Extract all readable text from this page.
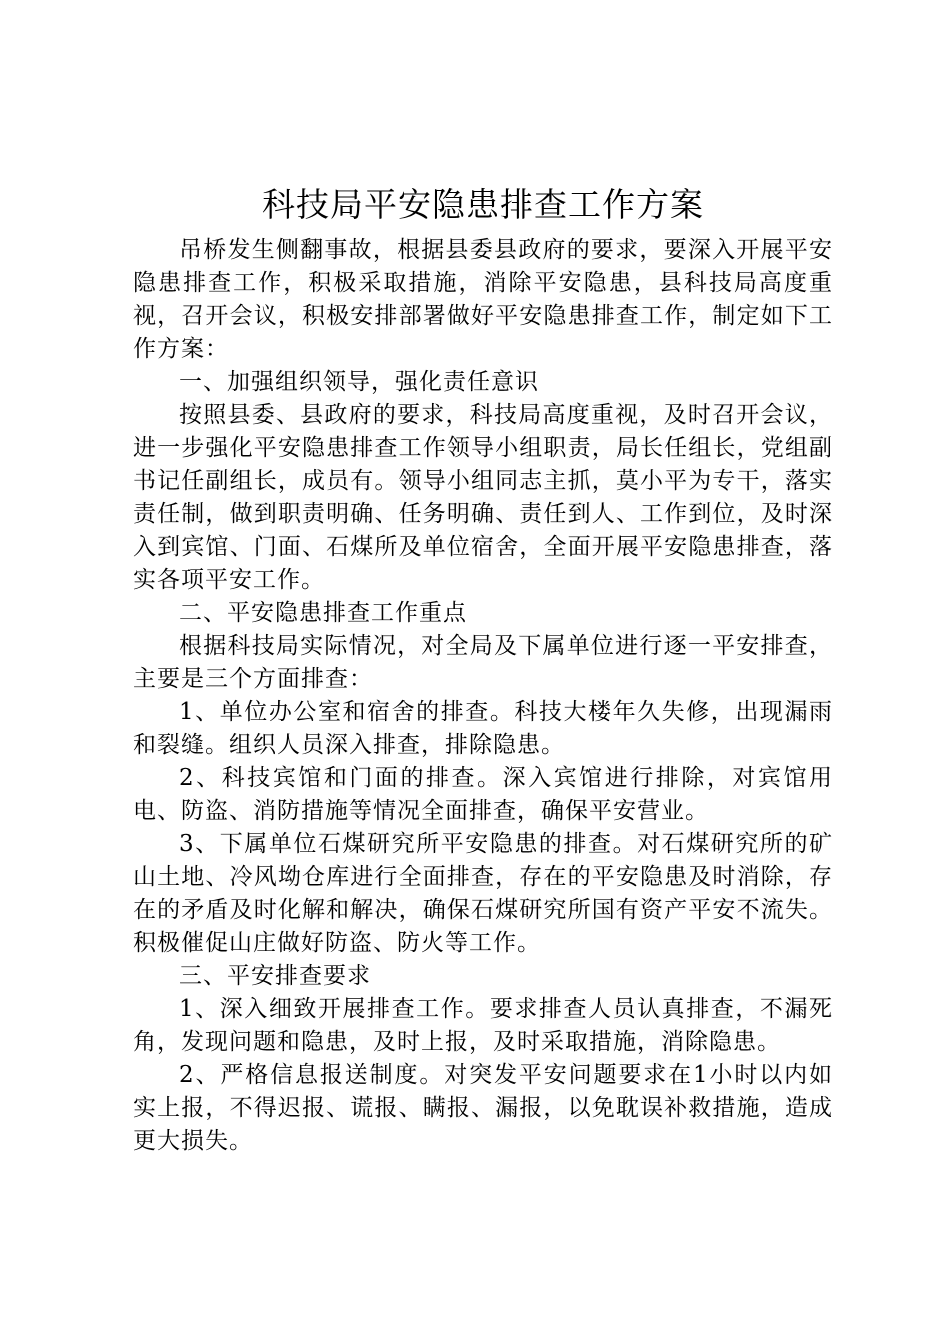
科技局平安隐患排查工作方案

吊桥发生侧翻事故，根据县委县政府的要求，要深入开展平安隐患排查工作，积极采取措施，消除平安隐患，县科技局高度重视，召开会议，积极安排部署做好平安隐患排查工作，制定如下工作方案：

一、加强组织领导，强化责任意识

按照县委、县政府的要求，科技局高度重视，及时召开会议，进一步强化平安隐患排查工作领导小组职责，局长任组长，党组副书记任副组长，成员有。领导小组同志主抓，莫小平为专干，落实责任制，做到职责明确、任务明确、责任到人、工作到位，及时深入到宾馆、门面、石煤所及单位宿舍，全面开展平安隐患排查，落实各项平安工作。

二、平安隐患排查工作重点

根据科技局实际情况，对全局及下属单位进行逐一平安排查，主要是三个方面排查：

1、单位办公室和宿舍的排查。科技大楼年久失修，出现漏雨和裂缝。组织人员深入排查，排除隐患。

2、科技宾馆和门面的排查。深入宾馆进行排除，对宾馆用电、防盗、消防措施等情况全面排查，确保平安营业。

3、下属单位石煤研究所平安隐患的排查。对石煤研究所的矿山土地、冷风坳仓库进行全面排查，存在的平安隐患及时消除，存在的矛盾及时化解和解决，确保石煤研究所国有资产平安不流失。积极催促山庄做好防盗、防火等工作。

三、平安排查要求

1、深入细致开展排查工作。要求排查人员认真排查，不漏死角，发现问题和隐患，及时上报，及时采取措施，消除隐患。

2、严格信息报送制度。对突发平安问题要求在1小时以内如实上报，不得迟报、谎报、瞒报、漏报，以免耽误补救措施，造成更大损失。
